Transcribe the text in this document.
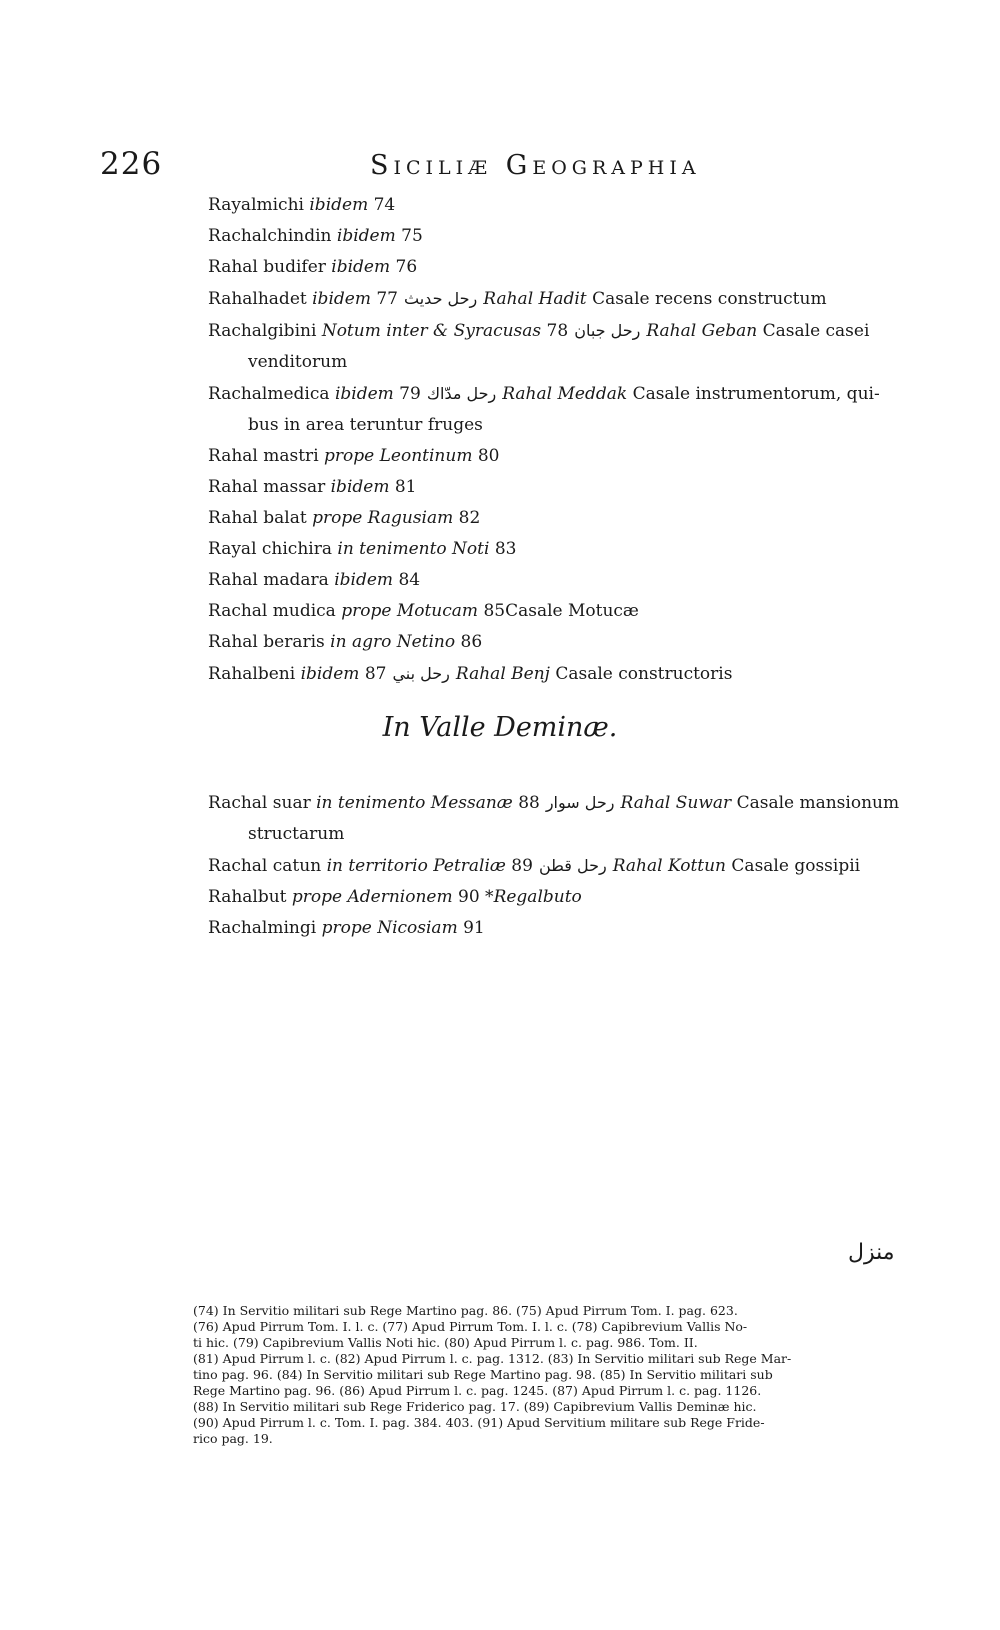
226	Siciliæ Geographia
Rayalmichi ibidem 74
Rachalchindin ibidem 75
Rahal budifer ibidem 76
Rahalhadet ibidem 77 رحل حديث Rahal Hadit Casale recens constructum
Rachalgibini Notum inter & Syracusas 78 رحل جبان Rahal Geban Casale casei
venditorum
Rachalmedica ibidem 79 رحل مدّاك Rahal Meddak Casale instrumentorum, qui-
bus in area teruntur fruges
Rahal mastri prope Leontinum 80
Rahal massar ibidem 81
Rahal balat prope Ragusiam 82
Rayal chichira in tenimento Noti 83
Rahal madara ibidem 84
Rachal mudica prope Motucam 85Casale Motucæ
Rahal beraris in agro Netino 86
Rahalbeni ibidem 87 رحل بني Rahal Benj Casale constructoris
In Valle Deminæ.
Rachal suar in tenimento Messanæ 88 رحل سوار Rahal Suwar Casale mansionum
structarum
Rachal catun in territorio Petraliæ 89 رحل قطن Rahal Kottun Casale gossipii
Rahalbut prope Adernionem 90 *Regalbuto
Rachalmingi prope Nicosiam 91
منزل
(74) In Servitio militari sub Rege Martino pag. 86. (75) Apud Pirrum Tom. I. pag. 623.
(76) Apud Pirrum Tom. I. l. c. (77) Apud Pirrum Tom. I. l. c. (78) Capibrevium Vallis No-
ti hic. (79) Capibrevium Vallis Noti hic. (80) Apud Pirrum l. c. pag. 986. Tom. II.
(81) Apud Pirrum l. c. (82) Apud Pirrum l. c. pag. 1312. (83) In Servitio militari sub Rege Mar-
tino pag. 96. (84) In Servitio militari sub Rege Martino pag. 98. (85) In Servitio militari sub
Rege Martino pag. 96. (86) Apud Pirrum l. c. pag. 1245. (87) Apud Pirrum l. c. pag. 1126.
(88) In Servitio militari sub Rege Friderico pag. 17. (89) Capibrevium Vallis Deminæ hic.
(90) Apud Pirrum l. c. Tom. I. pag. 384. 403. (91) Apud Servitium militare sub Rege Fride-
rico pag. 19.
